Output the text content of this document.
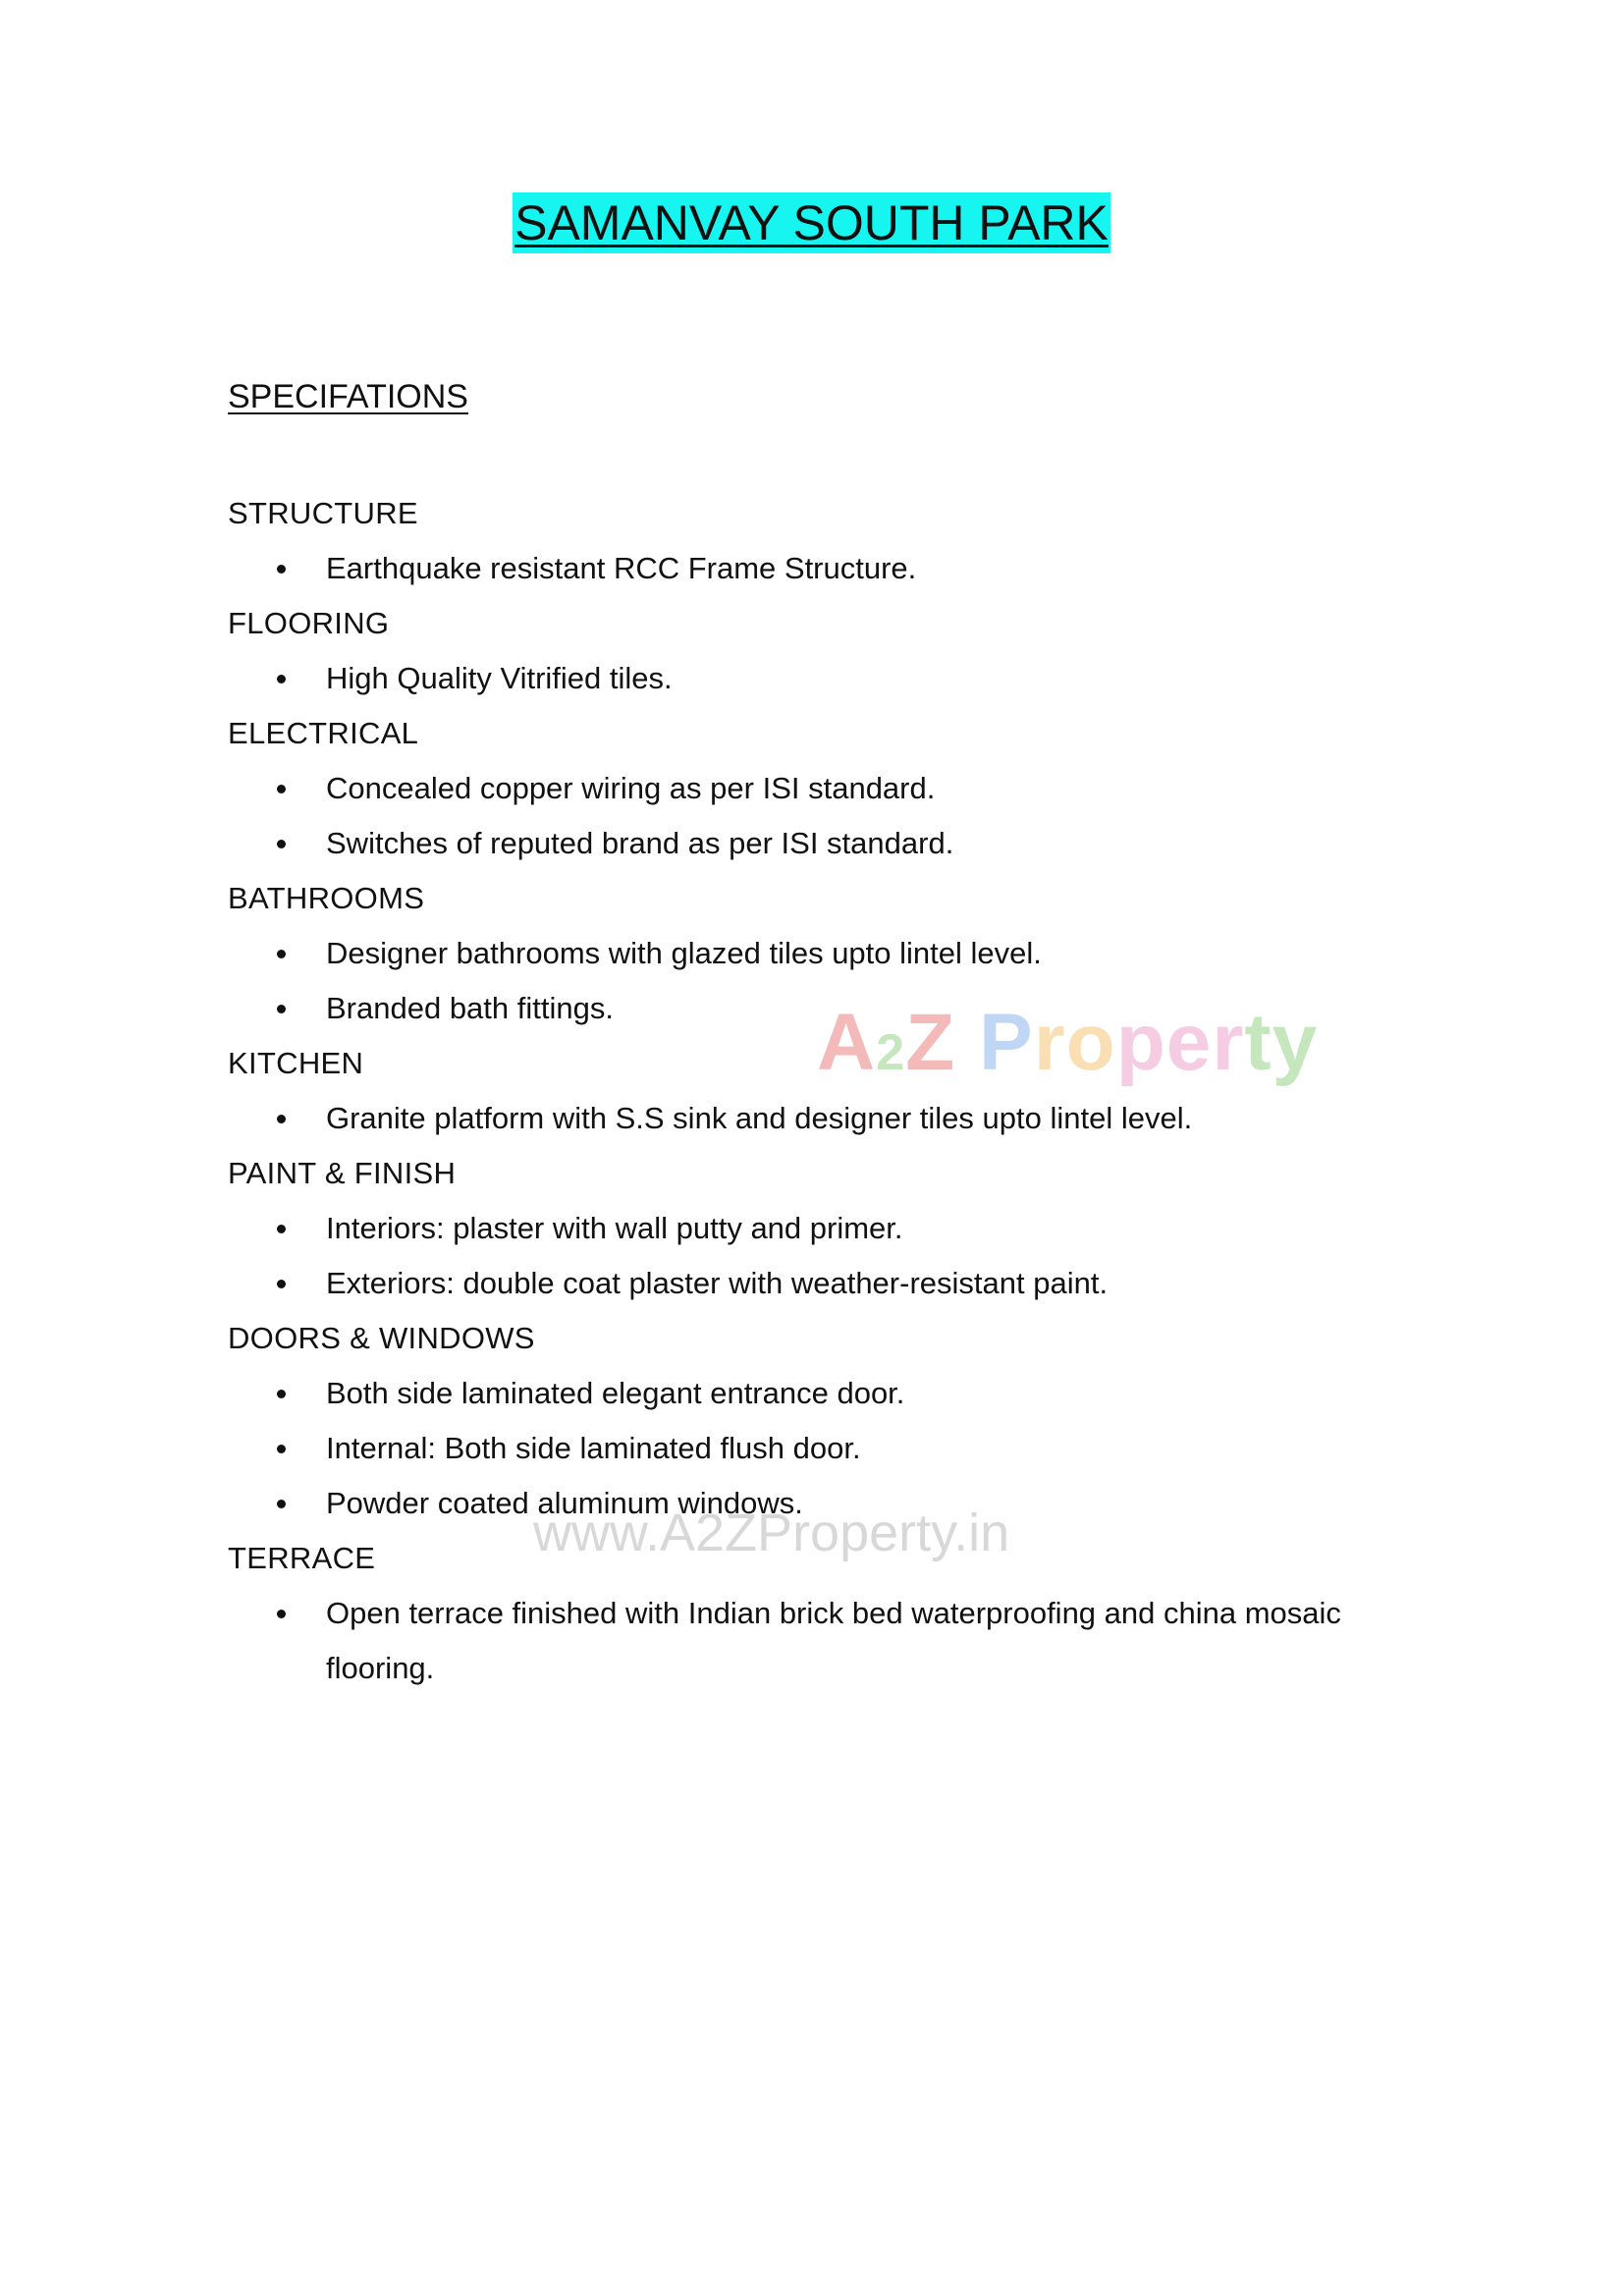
SAMANVAY SOUTH PARK
SPECIFATIONS
STRUCTURE
Earthquake resistant RCC Frame Structure.
FLOORING
High Quality Vitrified tiles.
ELECTRICAL
Concealed copper wiring as per ISI standard.
Switches of reputed brand as per ISI standard.
BATHROOMS
Designer bathrooms with glazed tiles upto lintel level.
Branded bath fittings.
KITCHEN
Granite platform with S.S sink and designer tiles upto lintel level.
PAINT & FINISH
Interiors: plaster with wall putty and primer.
Exteriors: double coat plaster with weather-resistant paint.
DOORS & WINDOWS
Both side laminated elegant entrance door.
Internal: Both side laminated flush door.
Powder coated aluminum windows.
TERRACE
Open terrace finished with Indian brick bed waterproofing and china mosaic flooring.
A2Z Property
www.A2ZProperty.in
